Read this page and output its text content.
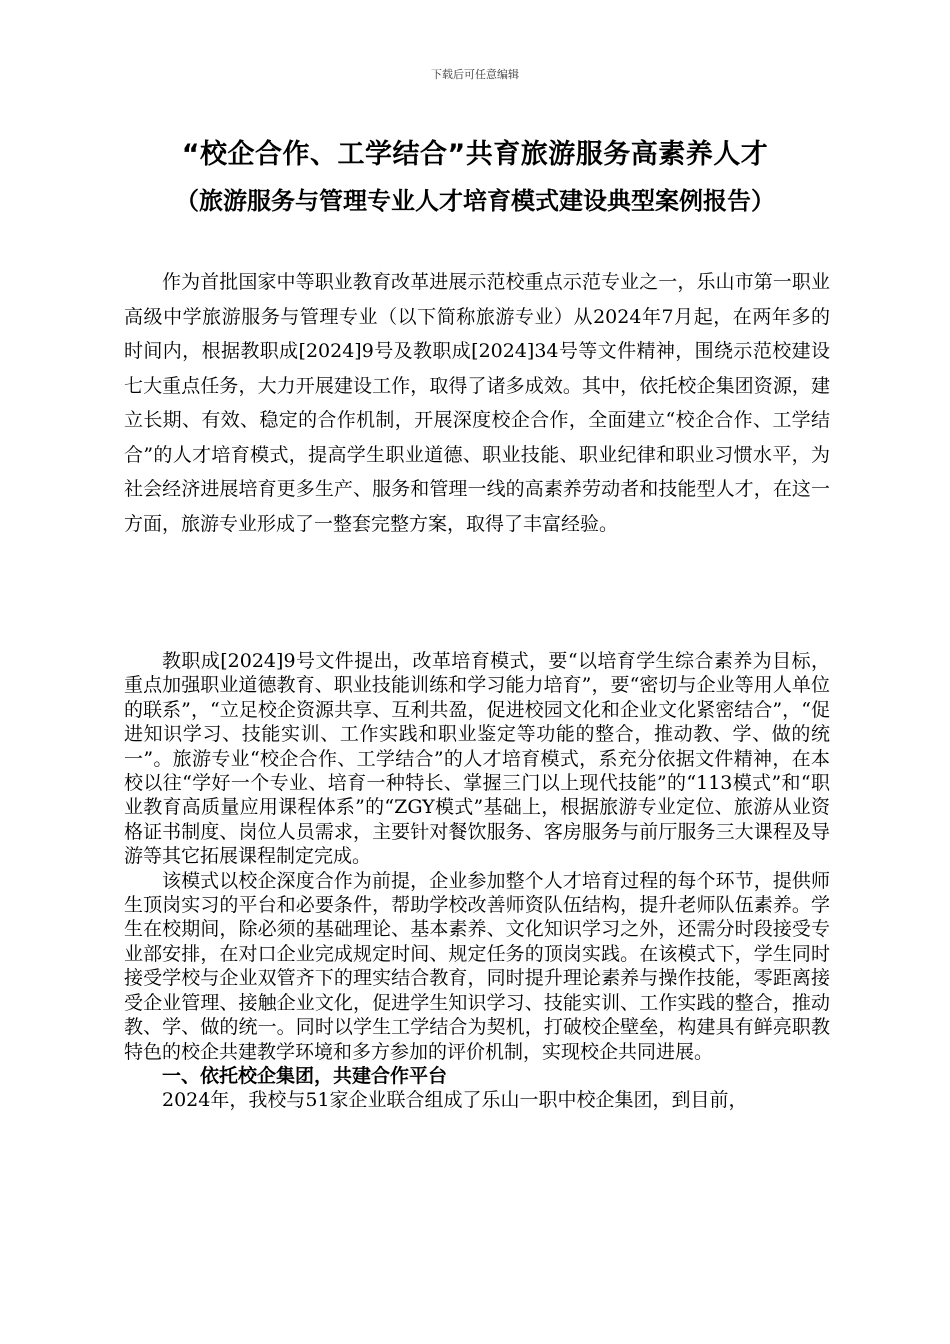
下载后可任意编辑
“校企合作、工学结合”共育旅游服务高素养人才
（旅游服务与管理专业人才培育模式建设典型案例报告）

作为首批国家中等职业教育改革进展示范校重点示范专业之一，乐山市第一职业高级中学旅游服务与管理专业（以下简称旅游专业）从2024年7月起，在两年多的时间内，根据教职成[2024]9号及教职成[2024]34号等文件精神，围绕示范校建设七大重点任务，大力开展建设工作，取得了诸多成效。其中，依托校企集团资源，建立长期、有效、稳定的合作机制，开展深度校企合作，全面建立“校企合作、工学结合”的人才培育模式，提高学生职业道德、职业技能、职业纪律和职业习惯水平，为社会经济进展培育更多生产、服务和管理一线的高素养劳动者和技能型人才，在这一方面，旅游专业形成了一整套完整方案，取得了丰富经验。

教职成[2024]9号文件提出，改革培育模式，要“以培育学生综合素养为目标，重点加强职业道德教育、职业技能训练和学习能力培育”，要“密切与企业等用人单位的联系”，“立足校企资源共享、互利共盈，促进校园文化和企业文化紧密结合”，“促进知识学习、技能实训、工作实践和职业鉴定等功能的整合，推动教、学、做的统一”。旅游专业“校企合作、工学结合”的人才培育模式，系充分依据文件精神，在本校以往“学好一个专业、培育一种特长、掌握三门以上现代技能”的“113模式”和“职业教育高质量应用课程体系”的“ZGY模式”基础上，根据旅游专业定位、旅游从业资格证书制度、岗位人员需求，主要针对餐饮服务、客房服务与前厅服务三大课程及导游等其它拓展课程制定完成。

该模式以校企深度合作为前提，企业参加整个人才培育过程的每个环节，提供师生顶岗实习的平台和必要条件，帮助学校改善师资队伍结构，提升老师队伍素养。学生在校期间，除必须的基础理论、基本素养、文化知识学习之外，还需分时段接受专业部安排，在对口企业完成规定时间、规定任务的顶岗实践。在该模式下，学生同时接受学校与企业双管齐下的理实结合教育，同时提升理论素养与操作技能，零距离接受企业管理、接触企业文化，促进学生知识学习、技能实训、工作实践的整合，推动教、学、做的统一。同时以学生工学结合为契机，打破校企壁垒，构建具有鲜亮职教特色的校企共建教学环境和多方参加的评价机制，实现校企共同进展。

一、依托校企集团，共建合作平台

2024年，我校与51家企业联合组成了乐山一职中校企集团，到目前，
